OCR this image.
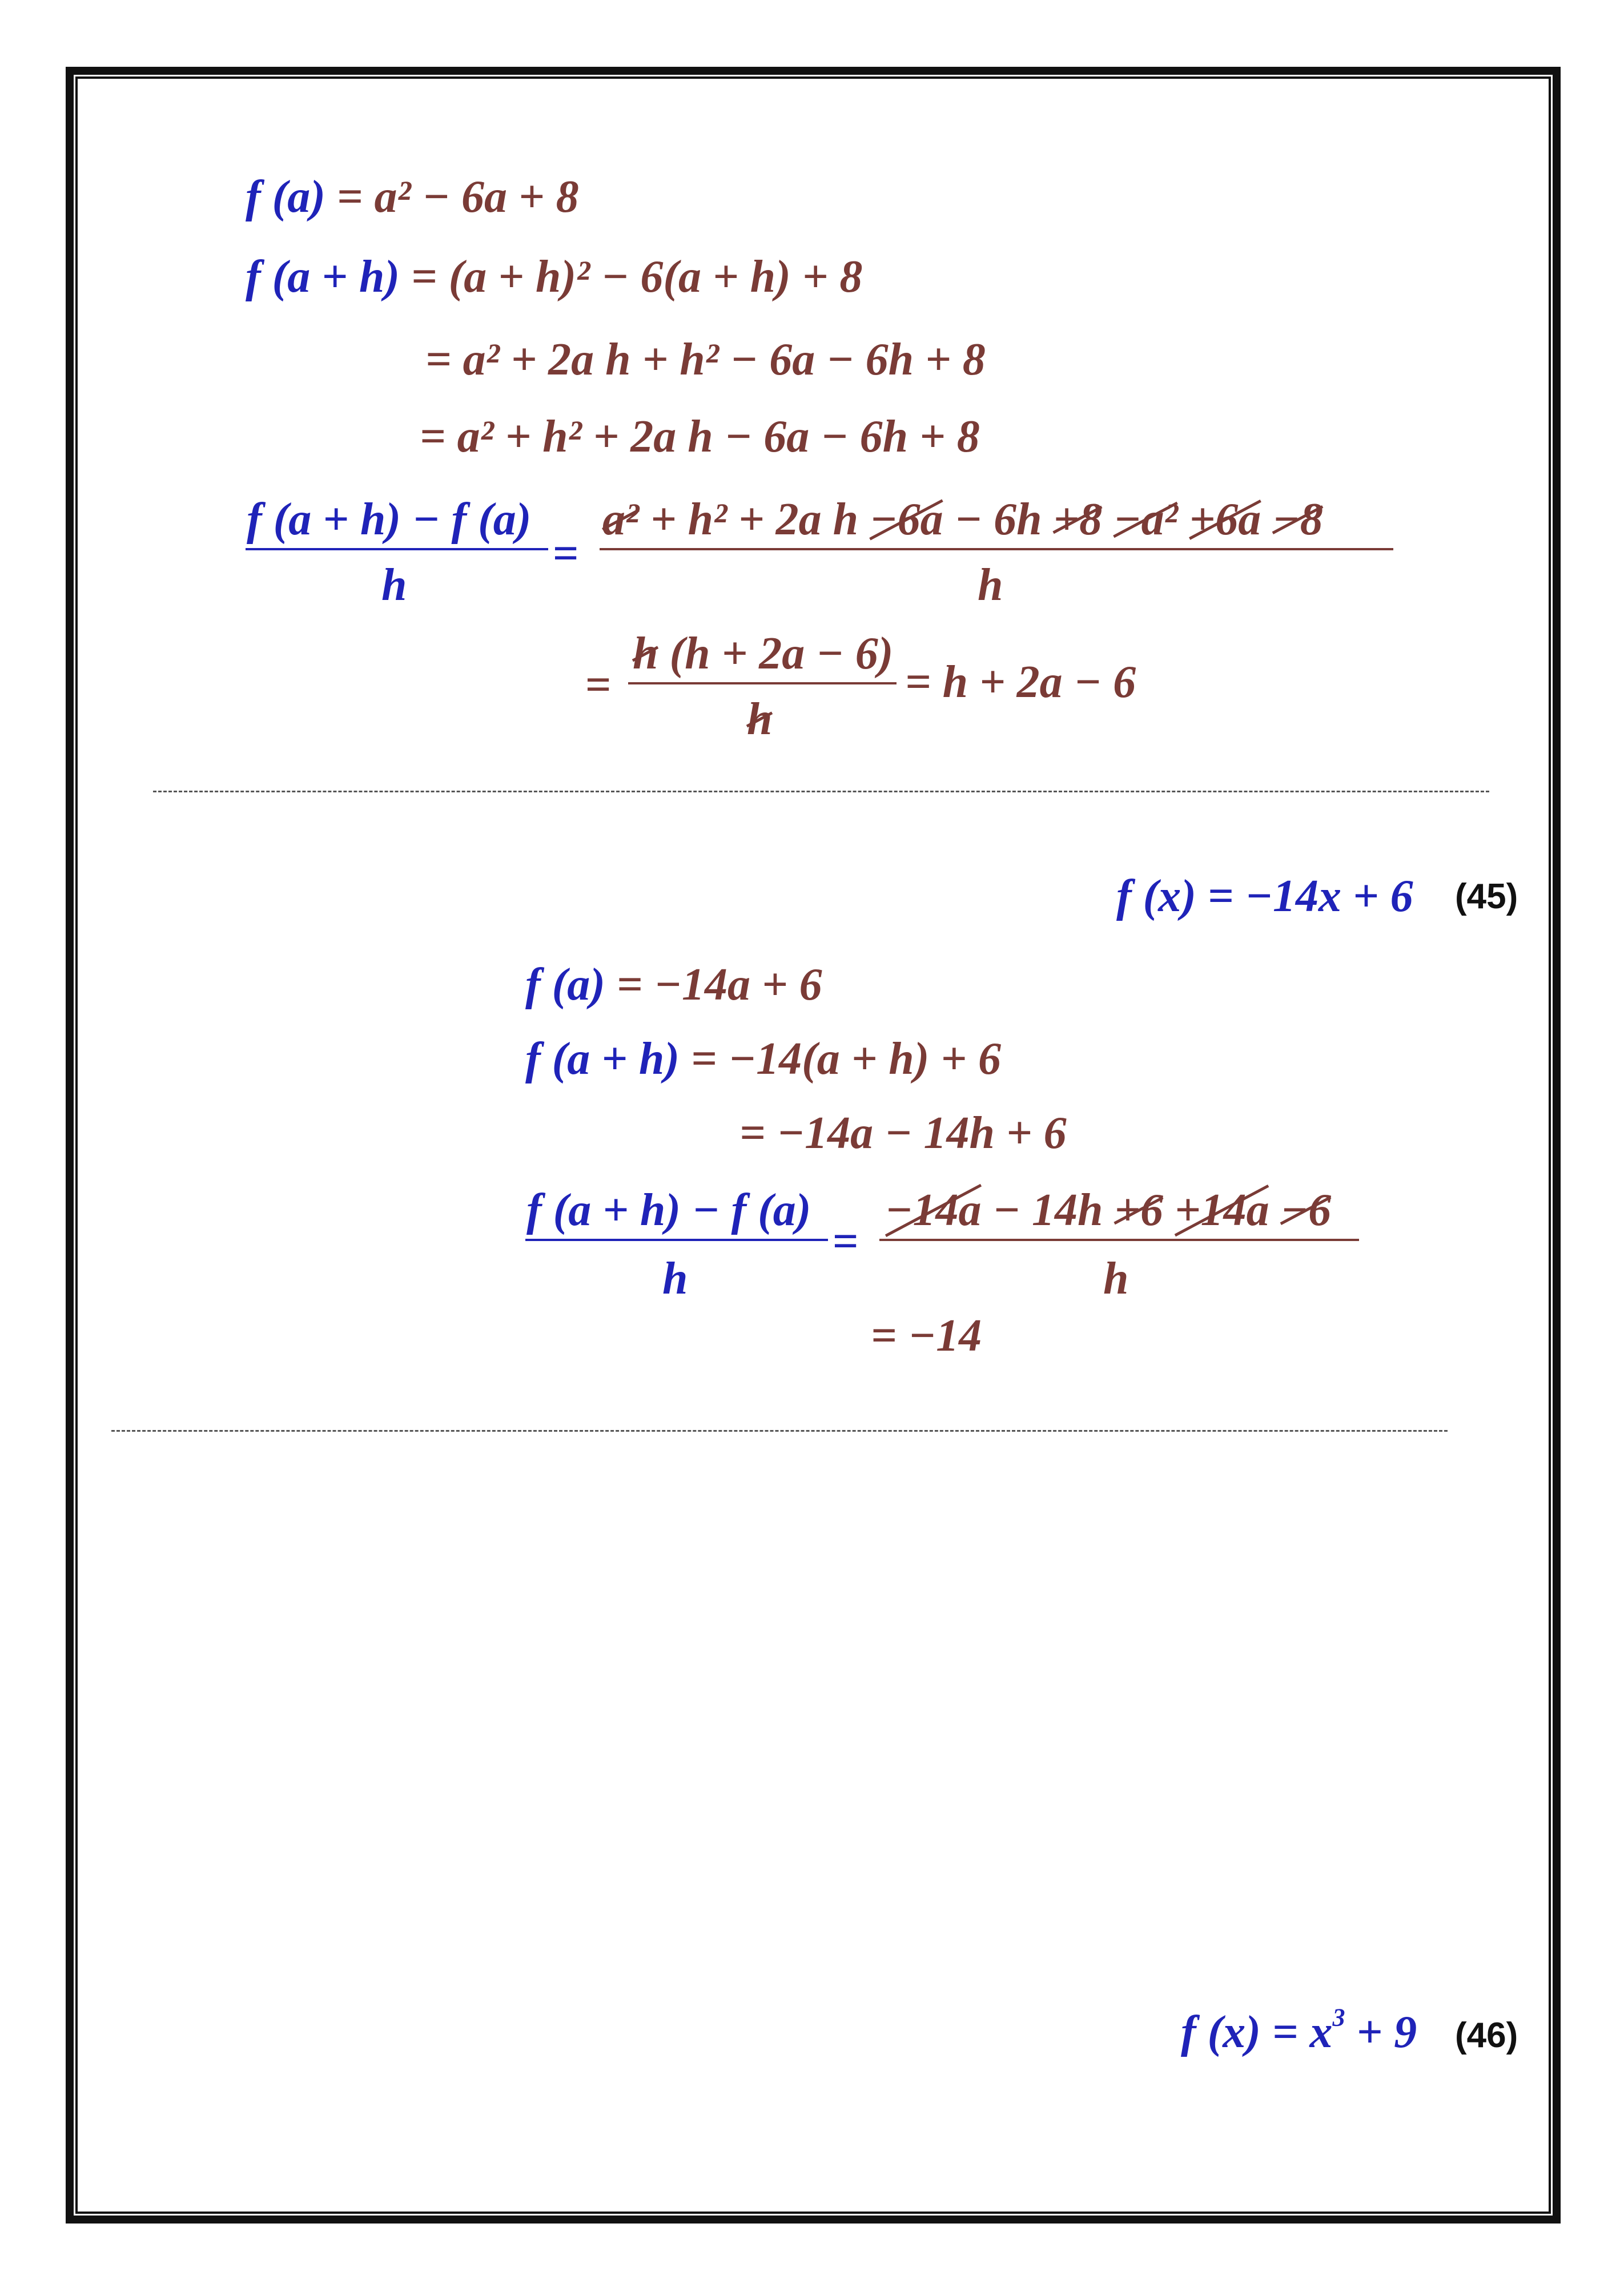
f (a) = a² − 6a + 8
f (a + h) = (a + h)² − 6(a + h) + 8
= a² + 2a h + h² − 6a − 6h + 8
= a² + h² + 2a h − 6a − 6h + 8
f (a + h) − f (a)
h
=
a² + h² + 2a h −6a − 6h +8 −a² +6a −8
h
=
h (h + 2a − 6)
h
= h + 2a − 6
f (x) = −14x + 6 (45)
f (a) = −14a + 6
f (a + h) = −14(a + h) + 6
= −14a − 14h + 6
f (a + h) − f (a)
h
=
−14a − 14h +6 +14a −6
h
= −14
f $(x) = x^3 + 9$ (46)
